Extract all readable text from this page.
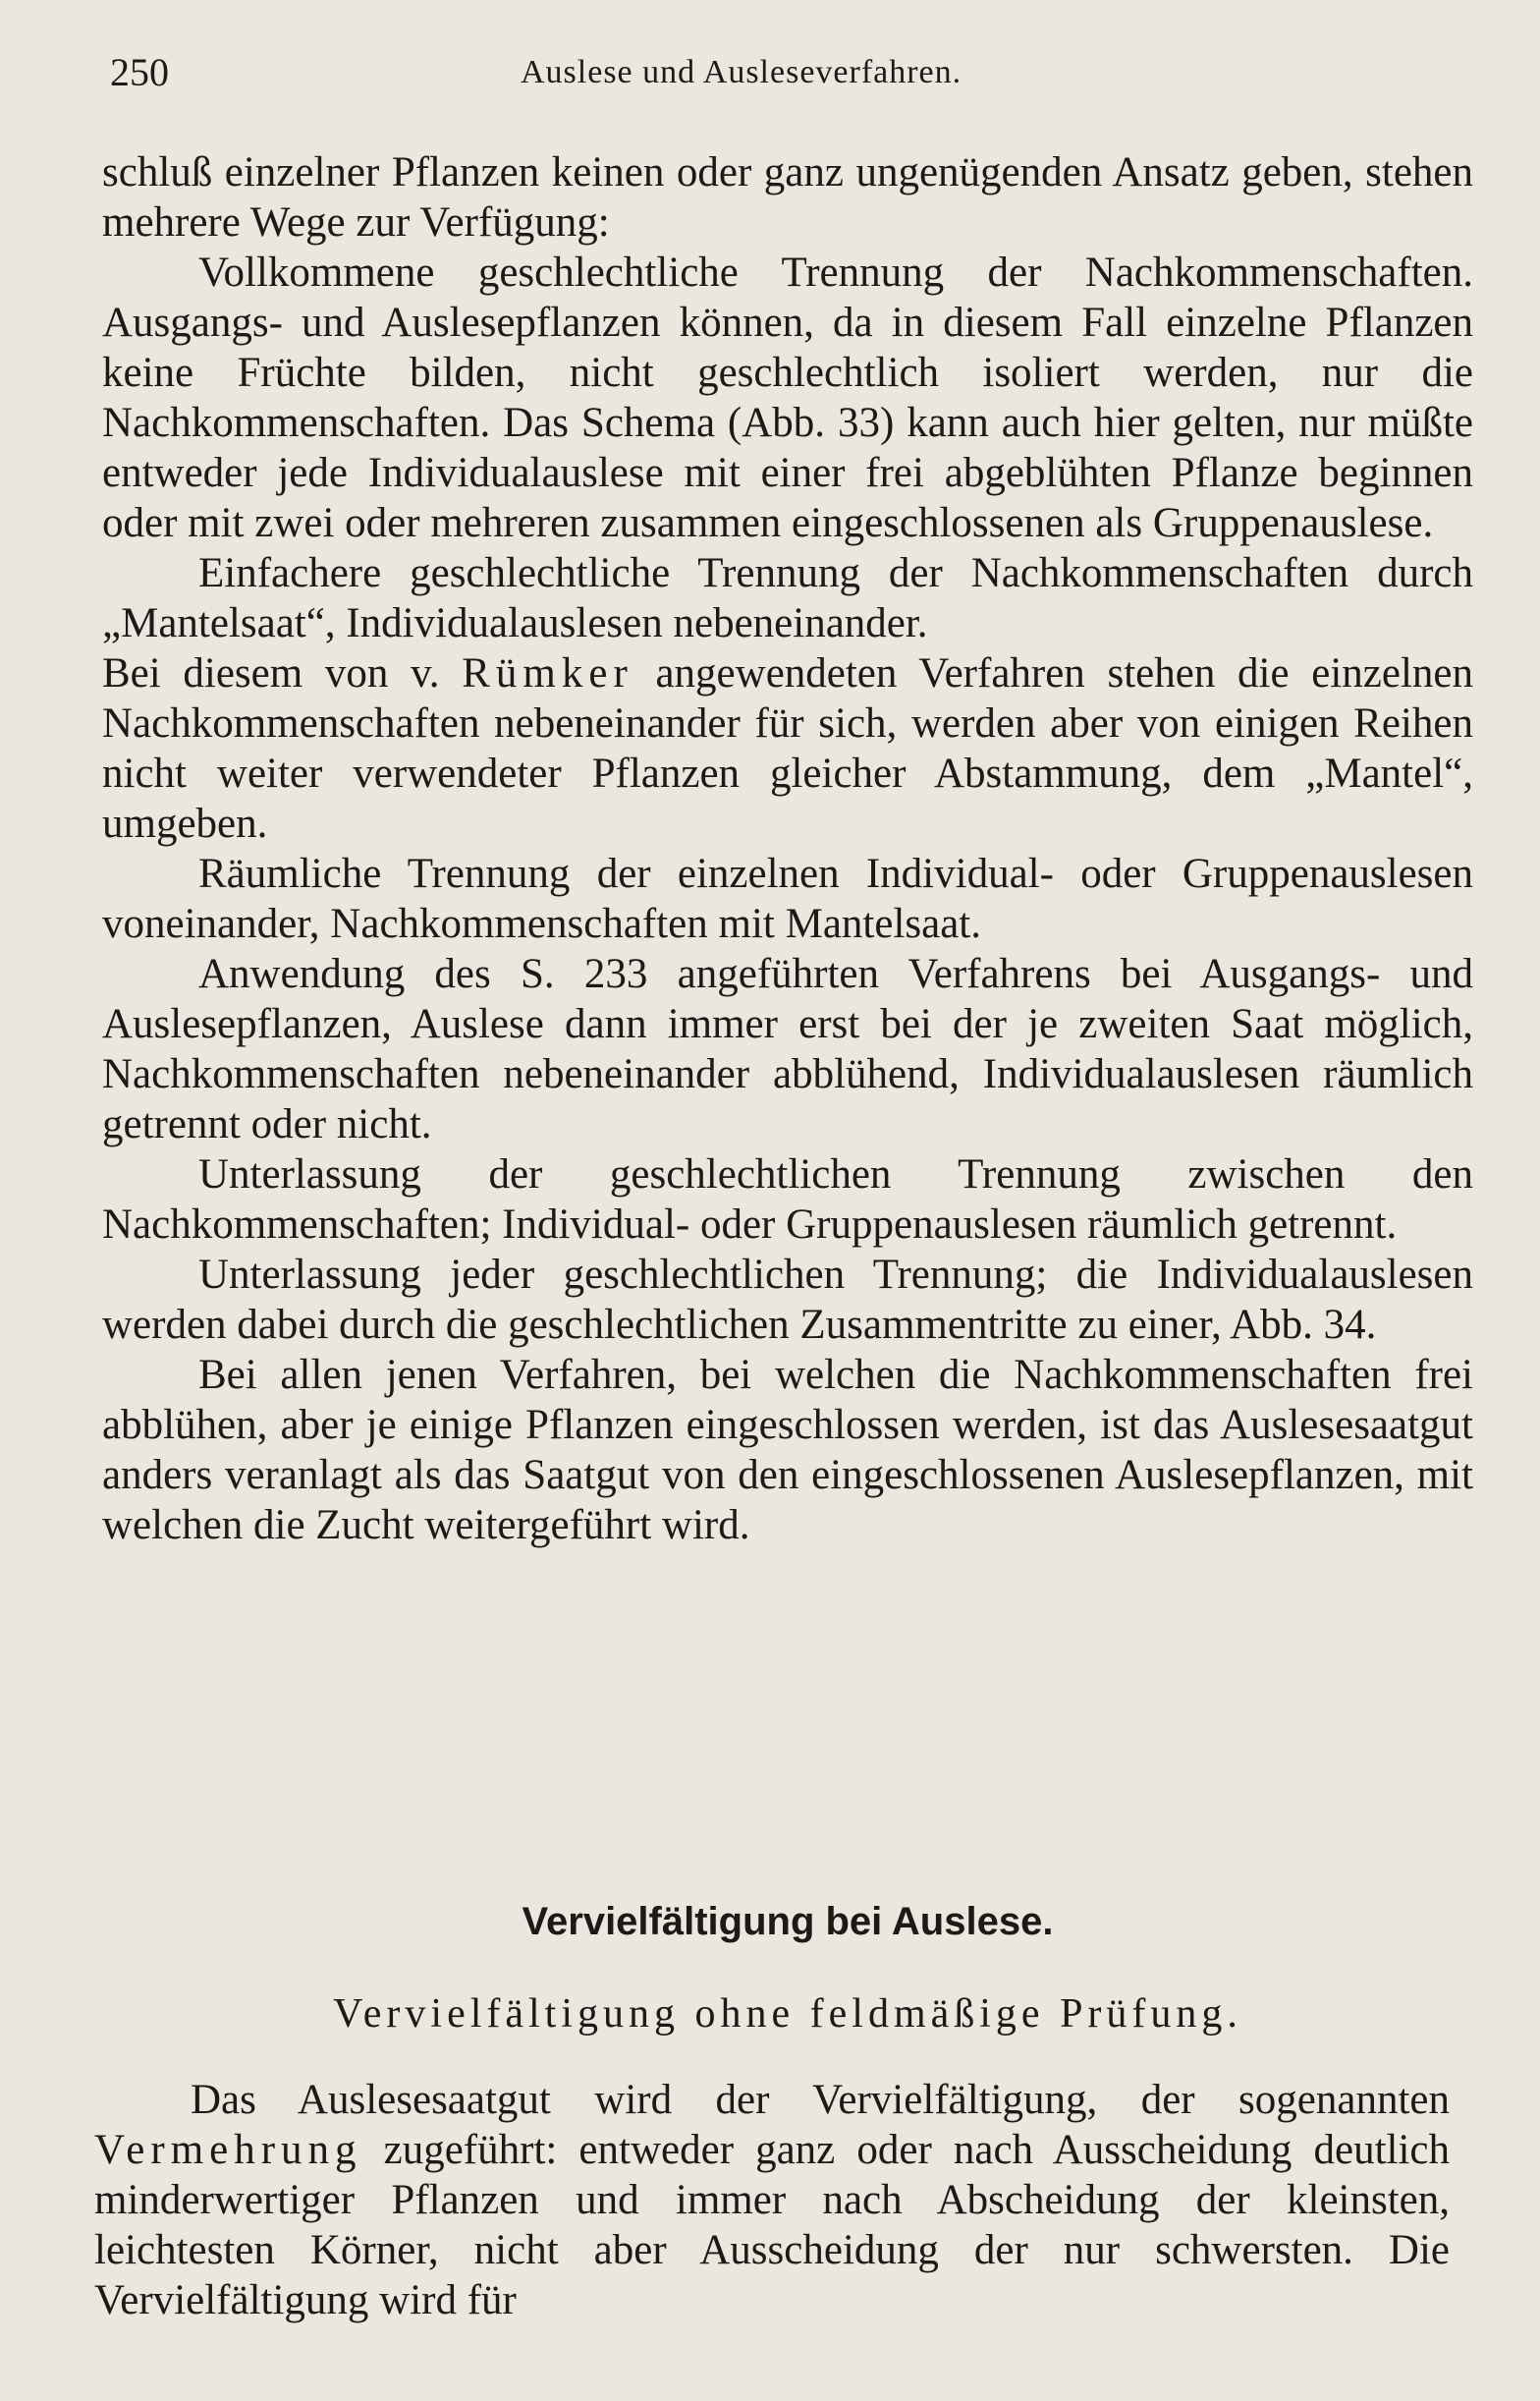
250	Auslese und Ausleseverfahren.

schluß einzelner Pflanzen keinen oder ganz ungenügenden Ansatz geben, stehen mehrere Wege zur Verfügung:

Vollkommene geschlechtliche Trennung der Nachkommenschaften. Ausgangs- und Auslesepflanzen können, da in diesem Fall einzelne Pflanzen keine Früchte bilden, nicht geschlechtlich isoliert werden, nur die Nachkommenschaften. Das Schema (Abb. 33) kann auch hier gelten, nur müßte entweder jede Individualauslese mit einer frei abgeblühten Pflanze beginnen oder mit zwei oder mehreren zusammen eingeschlossenen als Gruppenauslese.

Einfachere geschlechtliche Trennung der Nachkommenschaften durch „Mantelsaat“, Individualauslesen nebeneinander.

Bei diesem von v. Rümker angewendeten Verfahren stehen die einzelnen Nachkommenschaften nebeneinander für sich, werden aber von einigen Reihen nicht weiter verwendeter Pflanzen gleicher Abstammung, dem „Mantel“, umgeben.

Räumliche Trennung der einzelnen Individual- oder Gruppenauslesen voneinander, Nachkommenschaften mit Mantelsaat.

Anwendung des S. 233 angeführten Verfahrens bei Ausgangs- und Auslesepflanzen, Auslese dann immer erst bei der je zweiten Saat möglich, Nachkommenschaften nebeneinander abblühend, Individualauslesen räumlich getrennt oder nicht.

Unterlassung der geschlechtlichen Trennung zwischen den Nachkommenschaften; Individual- oder Gruppenauslesen räumlich getrennt.

Unterlassung jeder geschlechtlichen Trennung; die Individualauslesen werden dabei durch die geschlechtlichen Zusammentritte zu einer, Abb. 34.

Bei allen jenen Verfahren, bei welchen die Nachkommenschaften frei abblühen, aber je einige Pflanzen eingeschlossen werden, ist das Auslesesaatgut anders veranlagt als das Saatgut von den eingeschlossenen Auslesepflanzen, mit welchen die Zucht weitergeführt wird.

Vervielfältigung bei Auslese.
Vervielfältigung ohne feldmäßige Prüfung.

Das Auslesesaatgut wird der Vervielfältigung, der sogenannten Vermehrung zugeführt: entweder ganz oder nach Ausscheidung deutlich minderwertiger Pflanzen und immer nach Abscheidung der kleinsten, leichtesten Körner, nicht aber Ausscheidung der nur schwersten. Die Vervielfältigung wird für
